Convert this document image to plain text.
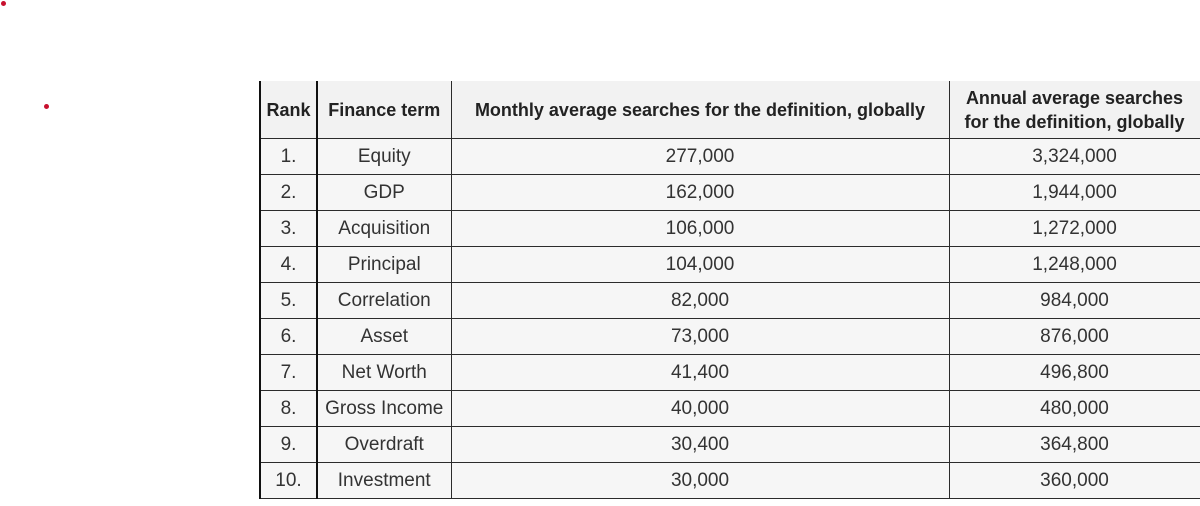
Rank	Finance term	Monthly average searches for the definition, globally	Annual average searches for the definition, globally
1.	Equity	277,000	3,324,000
2.	GDP	162,000	1,944,000
3.	Acquisition	106,000	1,272,000
4.	Principal	104,000	1,248,000
5.	Correlation	82,000	984,000
6.	Asset	73,000	876,000
7.	Net Worth	41,400	496,800
8.	Gross Income	40,000	480,000
9.	Overdraft	30,400	364,800
10.	Investment	30,000	360,000
